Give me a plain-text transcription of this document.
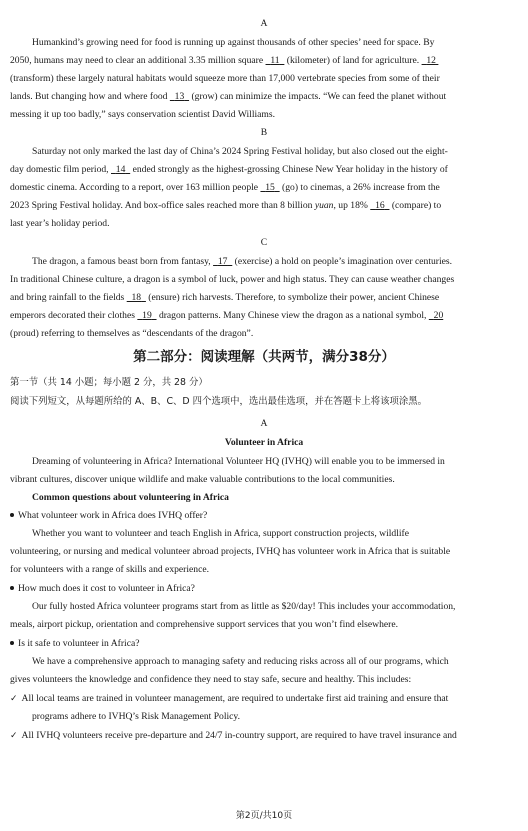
A
Humankind’s growing need for food is running up against thousands of other species’ need for space. By
2050, humans may need to clear an additional 3.35 million square 11 (kilometer) of land for agriculture. 12
(transform) these largely natural habitats would squeeze more than 17,000 vertebrate species from some of their
lands. But changing how and where food 13 (grow) can minimize the impacts. “We can feed the planet without
messing it up too badly,” says conservation scientist David Williams.
B
Saturday not only marked the last day of China’s 2024 Spring Festival holiday, but also closed out the eight-
day domestic film period, 14 ended strongly as the highest-grossing Chinese New Year holiday in the history of
domestic cinema. According to a report, over 163 million people 15 (go) to cinemas, a 26% increase from the
2023 Spring Festival holiday. And box-office sales reached more than 8 billion yuan, up 18% 16 (compare) to
last year’s holiday period.
C
The dragon, a famous beast born from fantasy, 17 (exercise) a hold on people’s imagination over centuries.
In traditional Chinese culture, a dragon is a symbol of luck, power and high status. They can cause weather changes
and bring rainfall to the fields 18 (ensure) rich harvests. Therefore, to symbolize their power, ancient Chinese
emperors decorated their clothes 19 dragon patterns. Many Chinese view the dragon as a national symbol, 20
(proud) referring to themselves as “descendants of the dragon”.
第二部分：阅读理解（共两节，满分38分）
第一节（共 14 小题；每小题 2 分，共 28 分）
阅读下列短文，从每题所给的 A、B、C、D 四个选项中，选出最佳选项，并在答题卡上将该项涂黑。
A
Volunteer in Africa
Dreaming of volunteering in Africa? International Volunteer HQ (IVHQ) will enable you to be immersed in
vibrant cultures, discover unique wildlife and make valuable contributions to the local communities.
Common questions about volunteering in Africa
What volunteer work in Africa does IVHQ offer?
Whether you want to volunteer and teach English in Africa, support construction projects, wildlife
volunteering, or nursing and medical volunteer abroad projects, IVHQ has volunteer work in Africa that is suitable
for volunteers with a range of skills and experience.
How much does it cost to volunteer in Africa?
Our fully hosted Africa volunteer programs start from as little as $20/day! This includes your accommodation,
meals, airport pickup, orientation and comprehensive support services that you won’t find elsewhere.
Is it safe to volunteer in Africa?
We have a comprehensive approach to managing safety and reducing risks across all of our programs, which
gives volunteers the knowledge and confidence they need to stay safe, secure and healthy. This includes:
✓ All local teams are trained in volunteer management, are required to undertake first aid training and ensure that
programs adhere to IVHQ’s Risk Management Policy.
✓ All IVHQ volunteers receive pre-departure and 24/7 in-country support, are required to have travel insurance and
第2页/共10页
